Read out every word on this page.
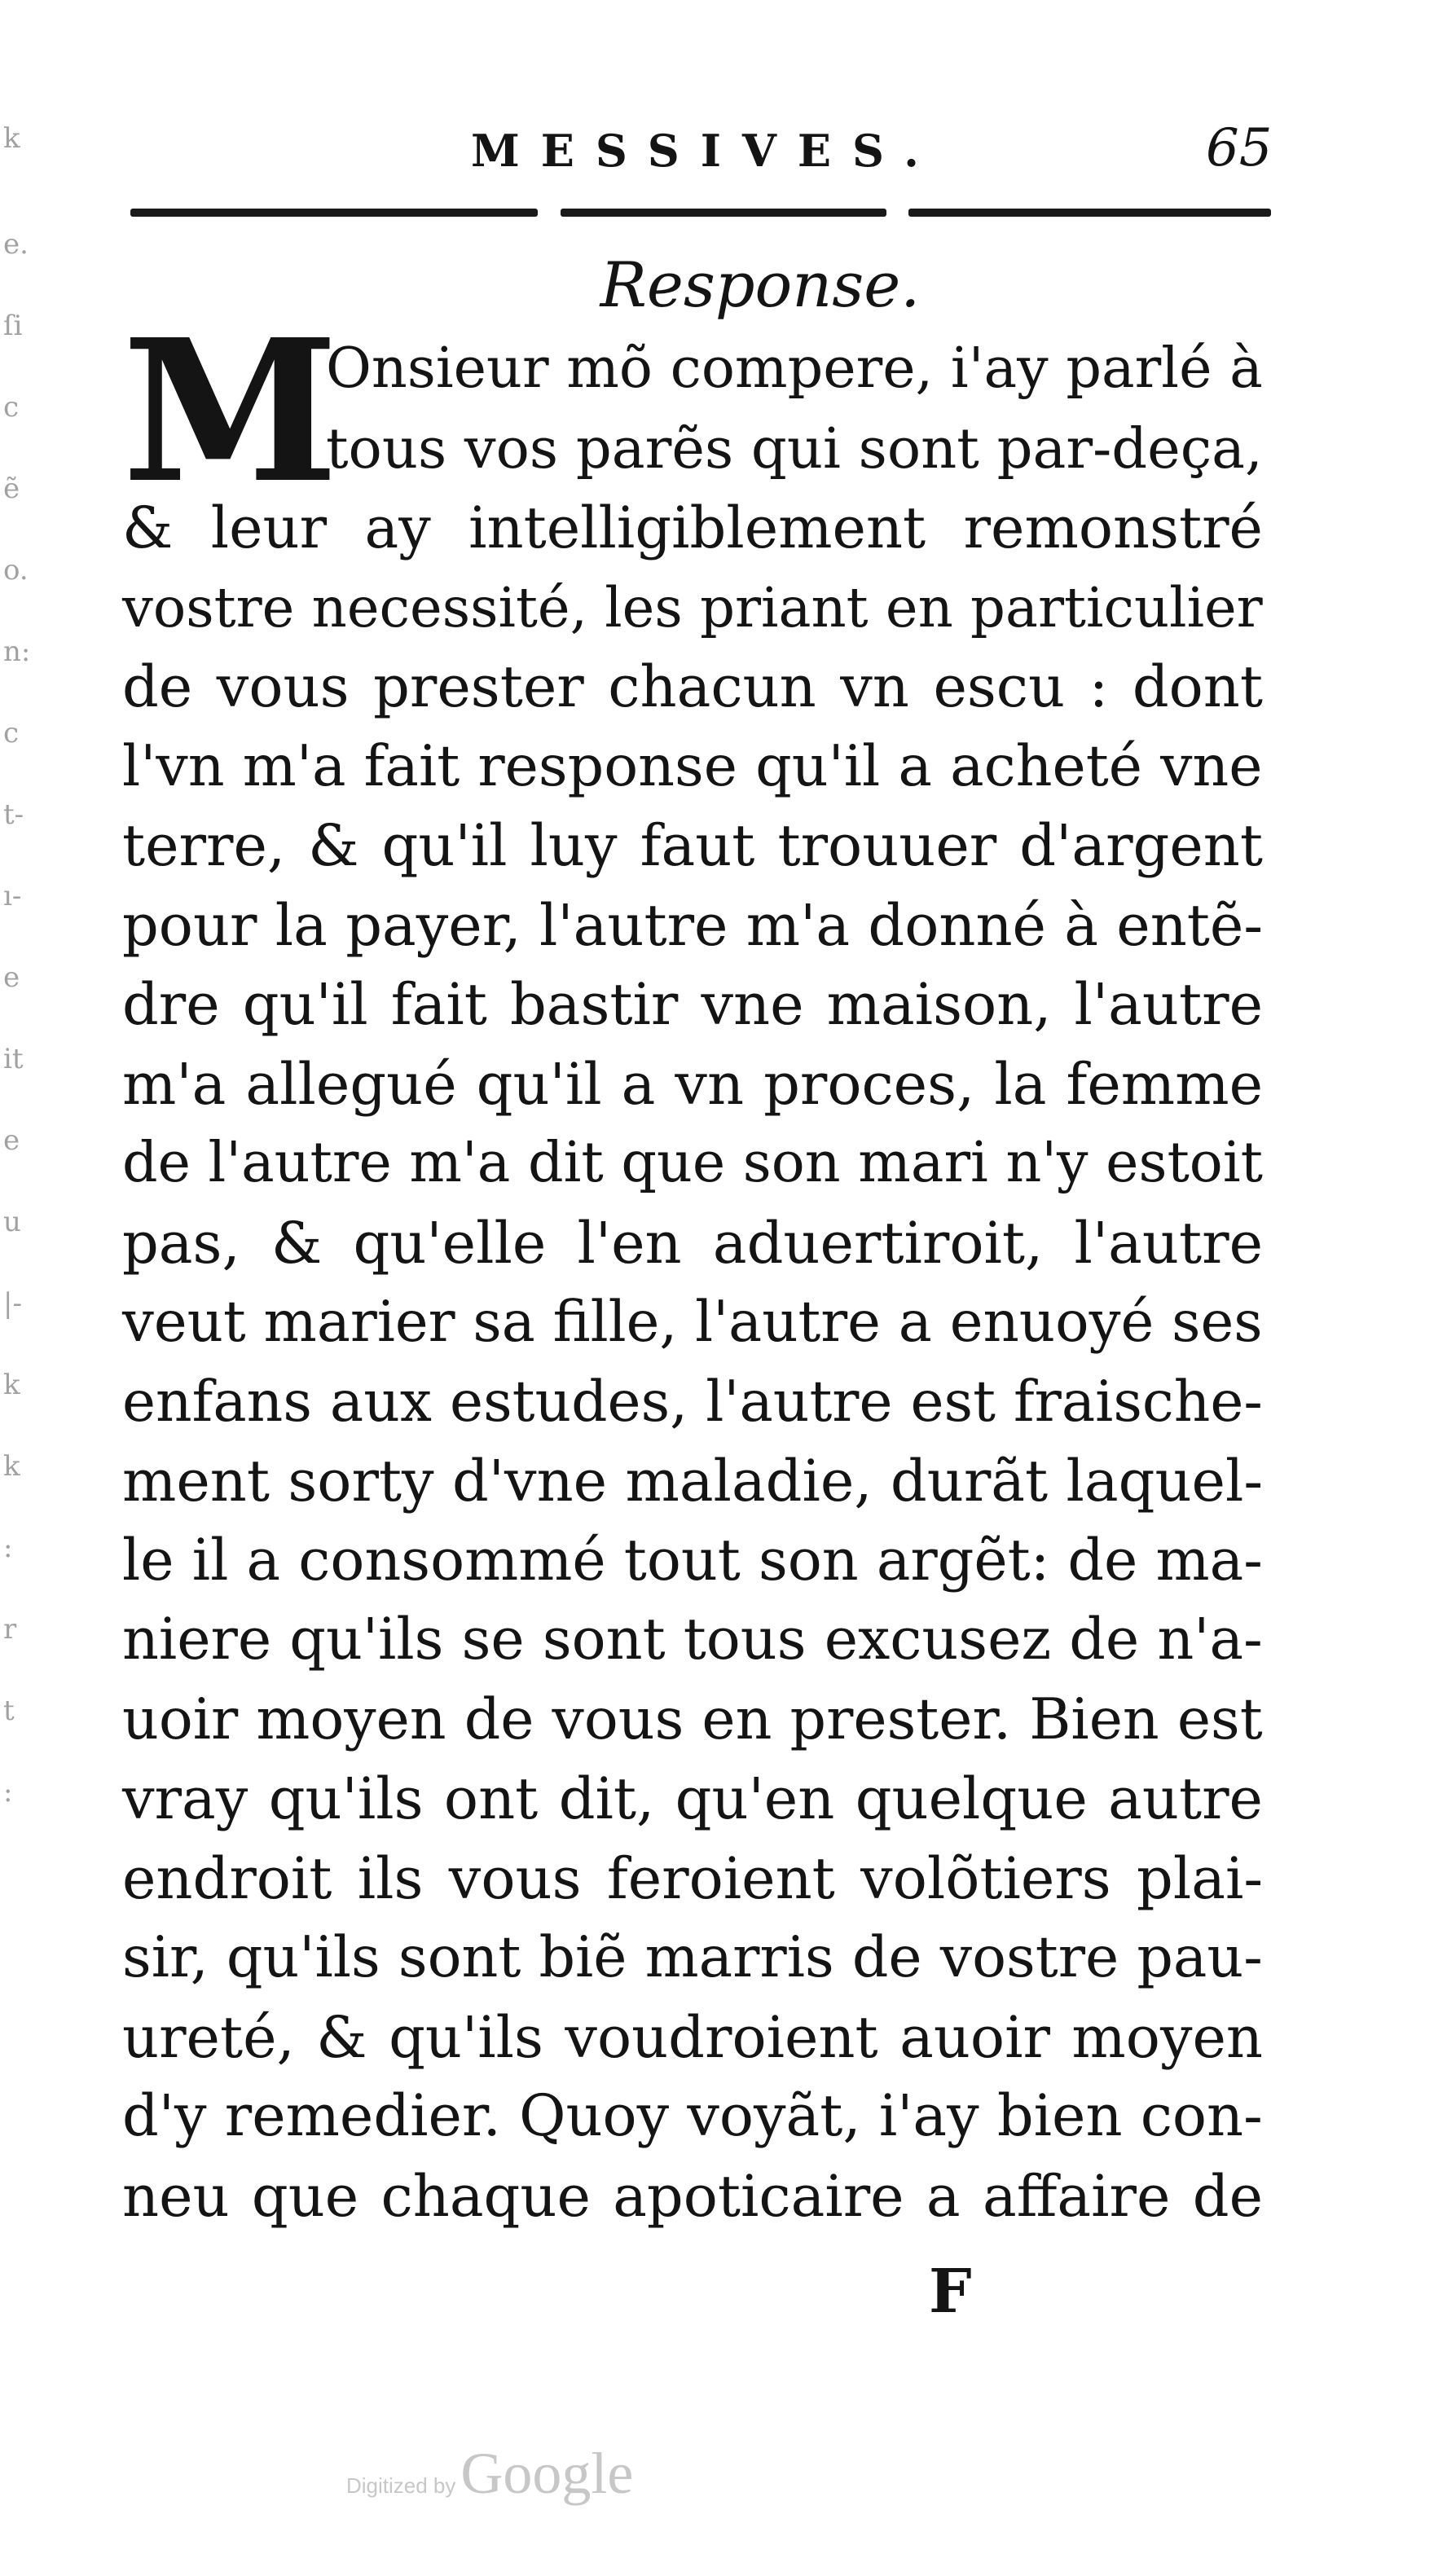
k
e.
ſi
c
ẽ
o.
n:
c
t-
ı-
e
it
e
u
|-
k
k
:
r
t
:
MESSIVES.	65
Response.
M
Onsieur mõ compere, i'ay parlé à
tous vos parẽs qui sont par-deça,
& leur ay intelligiblement remonstré
vostre necessité, les priant en particulier
de vous prester chacun vn escu : dont
l'vn m'a fait response qu'il a acheté vne
terre, & qu'il luy faut trouuer d'argent
pour la payer, l'autre m'a donné à entẽ-
dre qu'il fait bastir vne maison, l'autre
m'a allegué qu'il a vn proces, la femme
de l'autre m'a dit que son mari n'y estoit
pas, & qu'elle l'en aduertiroit, l'autre
veut marier sa fille, l'autre a enuoyé ses
enfans aux estudes, l'autre est fraische-
ment sorty d'vne maladie, durãt laquel-
le il a consommé tout son argẽt: de ma-
niere qu'ils se sont tous excusez de n'a-
uoir moyen de vous en prester. Bien est
vray qu'ils ont dit, qu'en quelque autre
endroit ils vous feroient volõtiers plai-
sir, qu'ils sont biẽ marris de vostre pau-
ureté, & qu'ils voudroient auoir moyen
d'y remedier. Quoy voyãt, i'ay bien con-
neu que chaque apoticaire a affaire de
F
Digitized by Google
